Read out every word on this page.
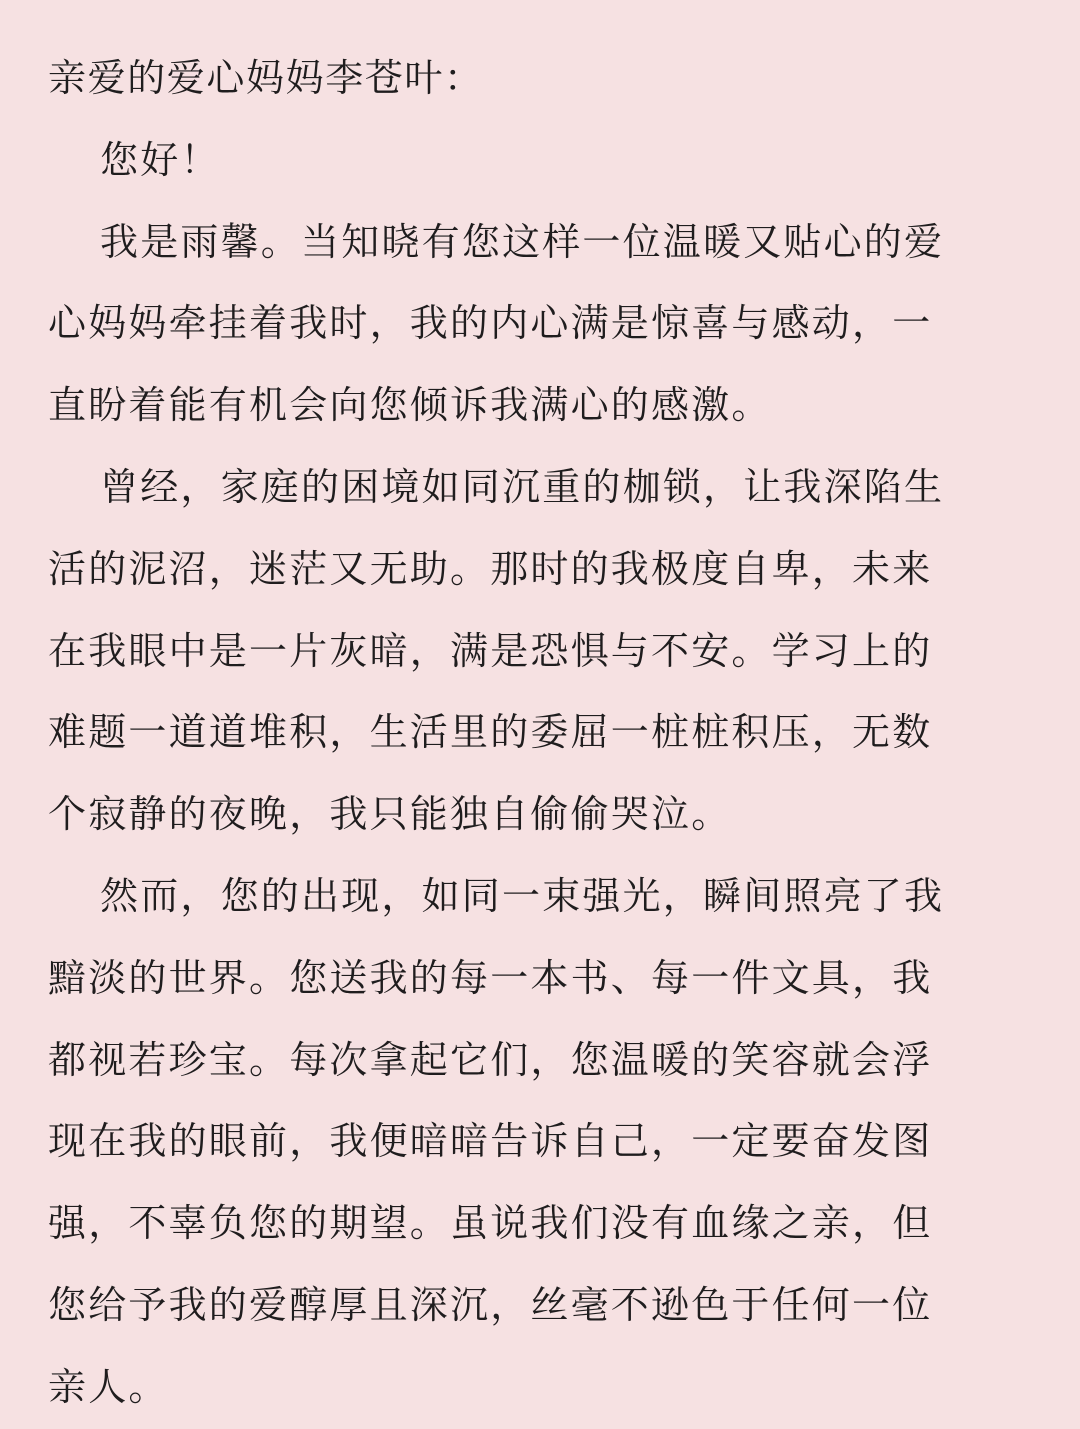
亲爱的爱心妈妈李苍叶：
您好！
我是雨馨。当知晓有您这样一位温暖又贴心的爱
心妈妈牵挂着我时，我的内心满是惊喜与感动，一
直盼着能有机会向您倾诉我满心的感激。
曾经，家庭的困境如同沉重的枷锁，让我深陷生
活的泥沼，迷茫又无助。那时的我极度自卑，未来
在我眼中是一片灰暗，满是恐惧与不安。学习上的
难题一道道堆积，生活里的委屈一桩桩积压，无数
个寂静的夜晚，我只能独自偷偷哭泣。
然而，您的出现，如同一束强光，瞬间照亮了我
黯淡的世界。您送我的每一本书、每一件文具，我
都视若珍宝。每次拿起它们，您温暖的笑容就会浮
现在我的眼前，我便暗暗告诉自己，一定要奋发图
强，不辜负您的期望。虽说我们没有血缘之亲，但
您给予我的爱醇厚且深沉，丝毫不逊色于任何一位
亲人。
